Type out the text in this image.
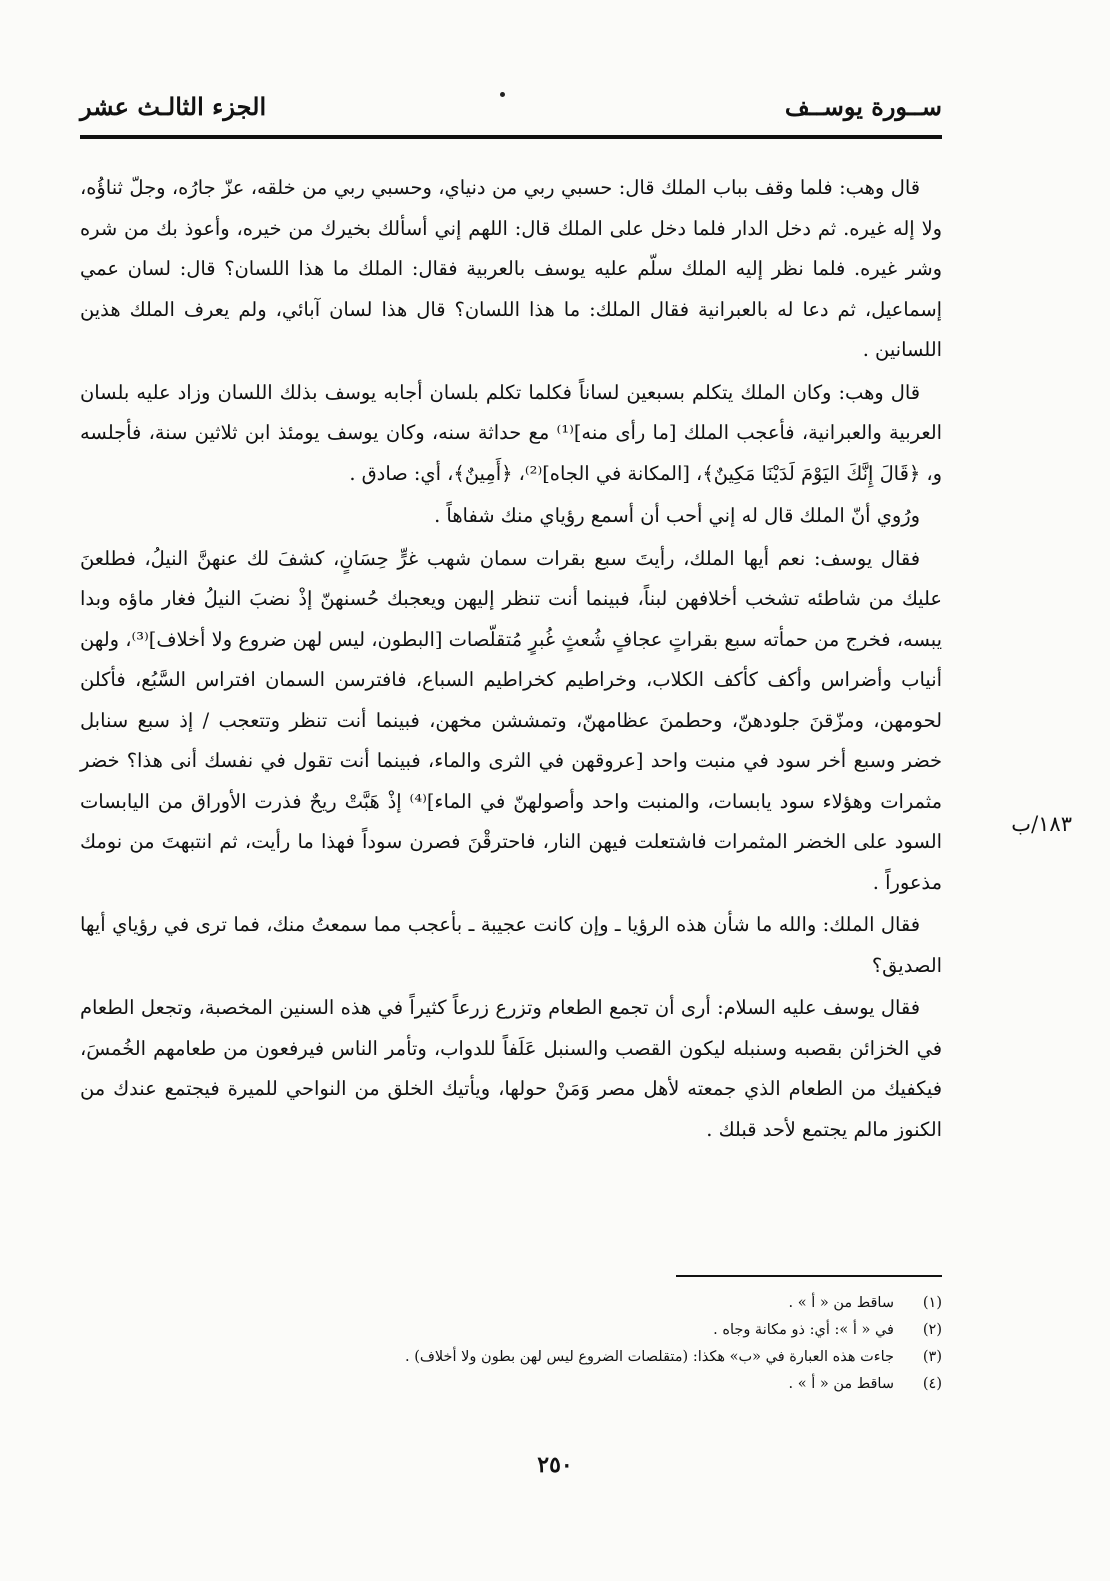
ســورة يوســف
الجزء الثالـث عشر

قال وهب: فلما وقف بباب الملك قال: حسبي ربي من دنياي، وحسبي ربي من خلقه، عزّ جارُه، وجلّ ثناؤُه، ولا إله غيره. ثم دخل الدار فلما دخل على الملك قال: اللهم إني أسألك بخيرك من خيره، وأعوذ بك من شره وشر غيره. فلما نظر إليه الملك سلّم عليه يوسف بالعربية فقال: الملك ما هذا اللسان؟ قال: لسان عمي إسماعيل، ثم دعا له بالعبرانية فقال الملك: ما هذا اللسان؟ قال هذا لسان آبائي، ولم يعرف الملك هذين اللسانين .

قال وهب: وكان الملك يتكلم بسبعين لساناً فكلما تكلم بلسان أجابه يوسف بذلك اللسان وزاد عليه بلسان العربية والعبرانية، فأعجب الملك [ما رأى منه]⁽¹⁾ مع حداثة سنه، وكان يوسف يومئذ ابن ثلاثين سنة، فأجلسه و، ﴿قَالَ إِنَّكَ اليَوْمَ لَدَيْنَا مَكِينٌ﴾، [المكانة في الجاه]⁽²⁾، ﴿أَمِينٌ﴾، أي: صادق .

ورُوي أنّ الملك قال له إني أحب أن أسمع رؤياي منك شفاهاً .

فقال يوسف: نعم أيها الملك، رأيتَ سبع بقرات سمان شهب غرٍّ حِسَانٍ، كشفَ لك عنهنَّ النيلُ، فطلعنَ عليك من شاطئه تشخب أخلافهن لبناً، فبينما أنت تنظر إليهن ويعجبك حُسنهنّ إذْ نضبَ النيلُ فغار ماؤه وبدا يبسه، فخرج من حمأته سبع بقراتٍ عجافٍ شُعثٍ غُبرٍ مُتقلّصات [البطون، ليس لهن ضروع ولا أخلاف]⁽³⁾، ولهن أنياب وأضراس وأكف كأكف الكلاب، وخراطيم كخراطيم السباع، فافترسن السمان افتراس السَّبُع، فأكلن لحومهن، ومزّقنَ جلودهنّ، وحطمنَ عظامهنّ، وتمششن مخهن، فبينما أنت تنظر وتتعجب / إذ سبع سنابل خضر وسبع أخر سود في منبت واحد [عروقهن في الثرى والماء، فبينما أنت تقول في نفسك أنى هذا؟ خضر مثمرات وهؤلاء سود يابسات، والمنبت واحد وأصولهنّ في الماء]⁽⁴⁾ إذْ هَبَّتْ ريحٌ فذرت الأوراق من اليابسات السود على الخضر المثمرات فاشتعلت فيهن النار، فاحترقْنَ فصرن سوداً فهذا ما رأيت، ثم انتبهتَ من نومك مذعوراً .

فقال الملك: والله ما شأن هذه الرؤيا ـ وإن كانت عجيبة ـ بأعجب مما سمعتُ منك، فما ترى في رؤياي أيها الصديق؟

فقال يوسف عليه السلام: أرى أن تجمع الطعام وتزرع زرعاً كثيراً في هذه السنين المخصبة، وتجعل الطعام في الخزائن بقصبه وسنبله ليكون القصب والسنبل عَلَفاً للدواب، وتأمر الناس فيرفعون من طعامهم الخُمسَ، فيكفيك من الطعام الذي جمعته لأهل مصر وَمَنْ حولها، ويأتيك الخلق من النواحي للميرة فيجتمع عندك من الكنوز مالم يجتمع لأحد قبلك .

١٨٣/ب
(١)
ساقط من « أ » .
(٢)
في « أ »: أي: ذو مكانة وجاه .
(٣)
جاءت هذه العبارة في «ب» هكذا: (متقلصات الضروع ليس لهن بطون ولا أخلاف) .
(٤)
ساقط من « أ » .
٢٥٠
